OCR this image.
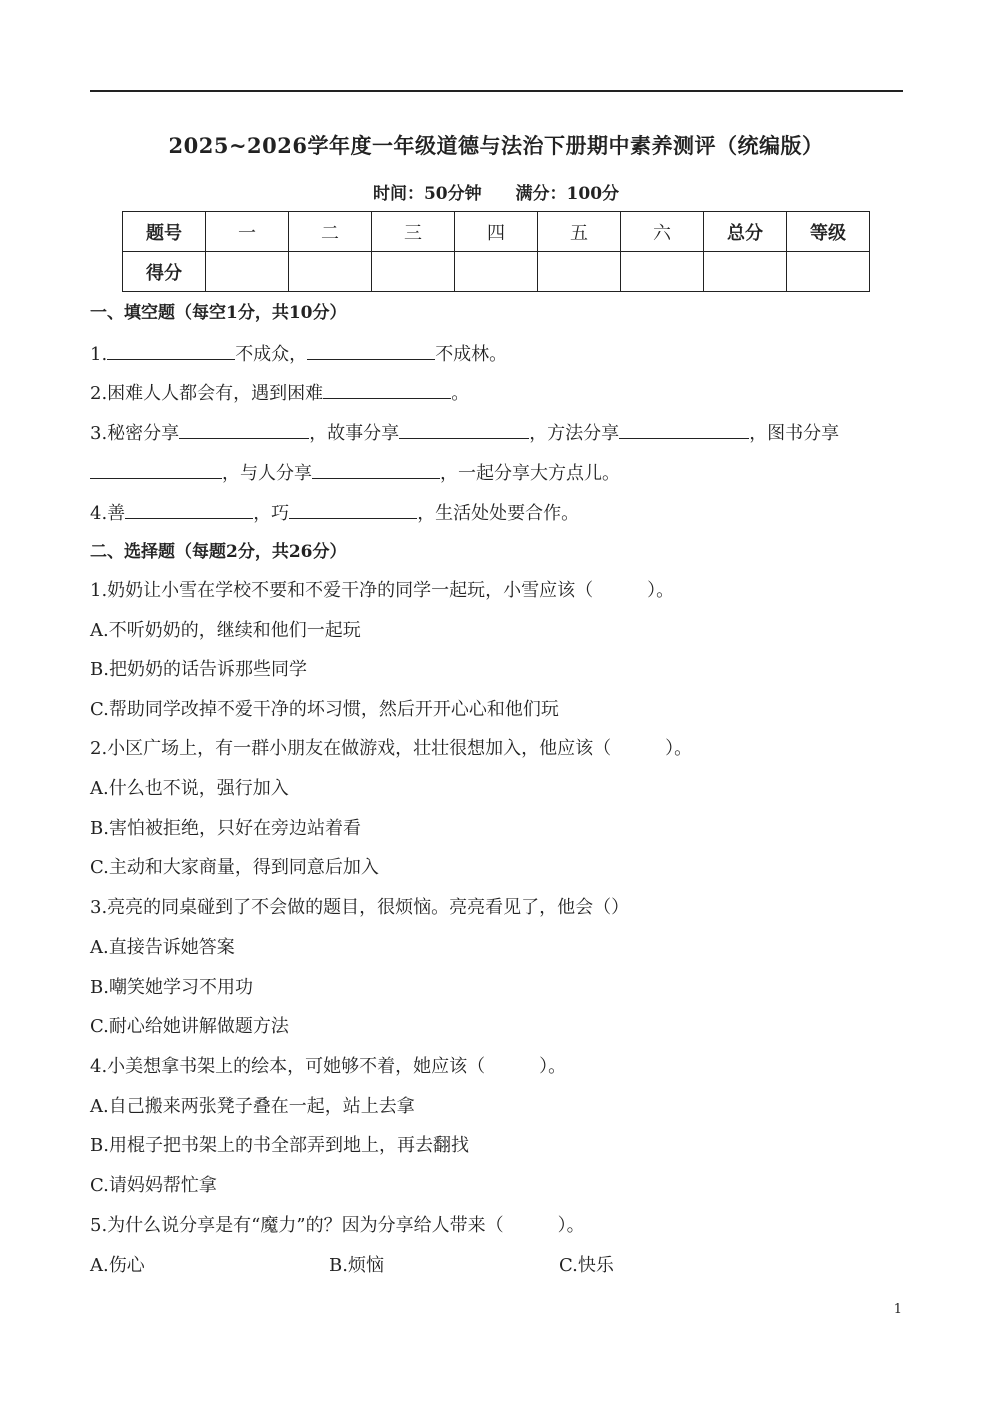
2025~2026学年度一年级道德与法治下册期中素养测评（统编版）
时间：50分钟 满分：100分
题号	一	二	三	四	五	六	总分	等级
得分								
一、填空题（每空1分，共10分）
1.	不成众，	不成林。
2.困难人人都会有，遇到困难	。
3.秘密分享	，故事分享	，方法分享	，图书分享
，与人分享	，一起分享大方点儿。
4.善	，巧	，生活处处要合作。
二、选择题（每题2分，共26分）
1.奶奶让小雪在学校不要和不爱干净的同学一起玩，小雪应该（　　　）。
A.不听奶奶的，继续和他们一起玩
B.把奶奶的话告诉那些同学
C.帮助同学改掉不爱干净的坏习惯，然后开开心心和他们玩
2.小区广场上，有一群小朋友在做游戏，壮壮很想加入，他应该（　　　）。
A.什么也不说，强行加入
B.害怕被拒绝，只好在旁边站着看
C.主动和大家商量，得到同意后加入
3.亮亮的同桌碰到了不会做的题目，很烦恼。亮亮看见了，他会（）
A.直接告诉她答案
B.嘲笑她学习不用功
C.耐心给她讲解做题方法
4.小美想拿书架上的绘本，可她够不着，她应该（　　　）。
A.自己搬来两张凳子叠在一起，站上去拿
B.用棍子把书架上的书全部弄到地上，再去翻找
C.请妈妈帮忙拿
5.为什么说分享是有“魔力”的？因为分享给人带来（　　　）。
A.伤心	B.烦恼	C.快乐
1
